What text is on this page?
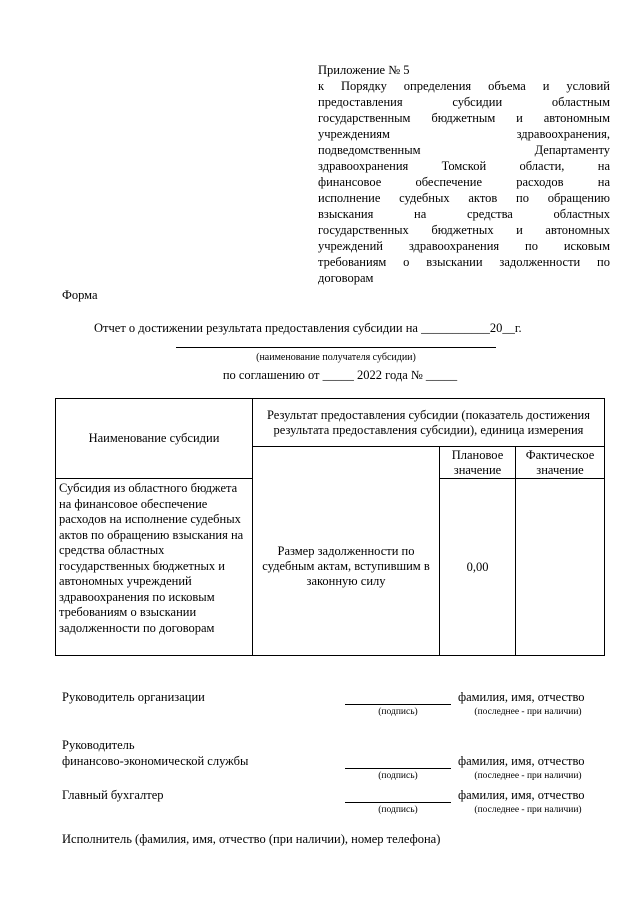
Приложение № 5
к Порядку определения объема и условий
предоставления субсидии областным
государственным бюджетным и автономным
учреждениям здравоохранения,
подведомственным Департаменту
здравоохранения Томской области, на
финансовое обеспечение расходов на
исполнение судебных актов по обращению
взыскания на средства областных
государственных бюджетных и автономных
учреждений здравоохранения по исковым
требованиям о взыскании задолженности по
договорам
Форма
Отчет о достижении результата предоставления субсидии на ___________20__г.
(наименование получателя субсидии)
по соглашению от _____ 2022 года № _____
Наименование субсидии	Результат предоставления субсидии (показатель достижения результата предоставления субсидии), единица измерения		
		Плановое значение	Фактическое значение
Субсидия из областного бюджета на финансовое обеспечение расходов на исполнение судебных актов по обращению взыскания на средства областных государственных бюджетных и автономных учреждений здравоохранения по исковым требованиям о взыскании задолженности по договорам	Размер задолженности по судебным актам, вступившим в законную силу	0,00	
Руководитель организации
(подпись)
фамилия, имя, отчество
(последнее - при наличии)
Руководитель
финансово-экономической службы
(подпись)
фамилия, имя, отчество
(последнее - при наличии)
Главный бухгалтер
(подпись)
фамилия, имя, отчество
(последнее - при наличии)
Исполнитель (фамилия, имя, отчество (при наличии), номер телефона)
